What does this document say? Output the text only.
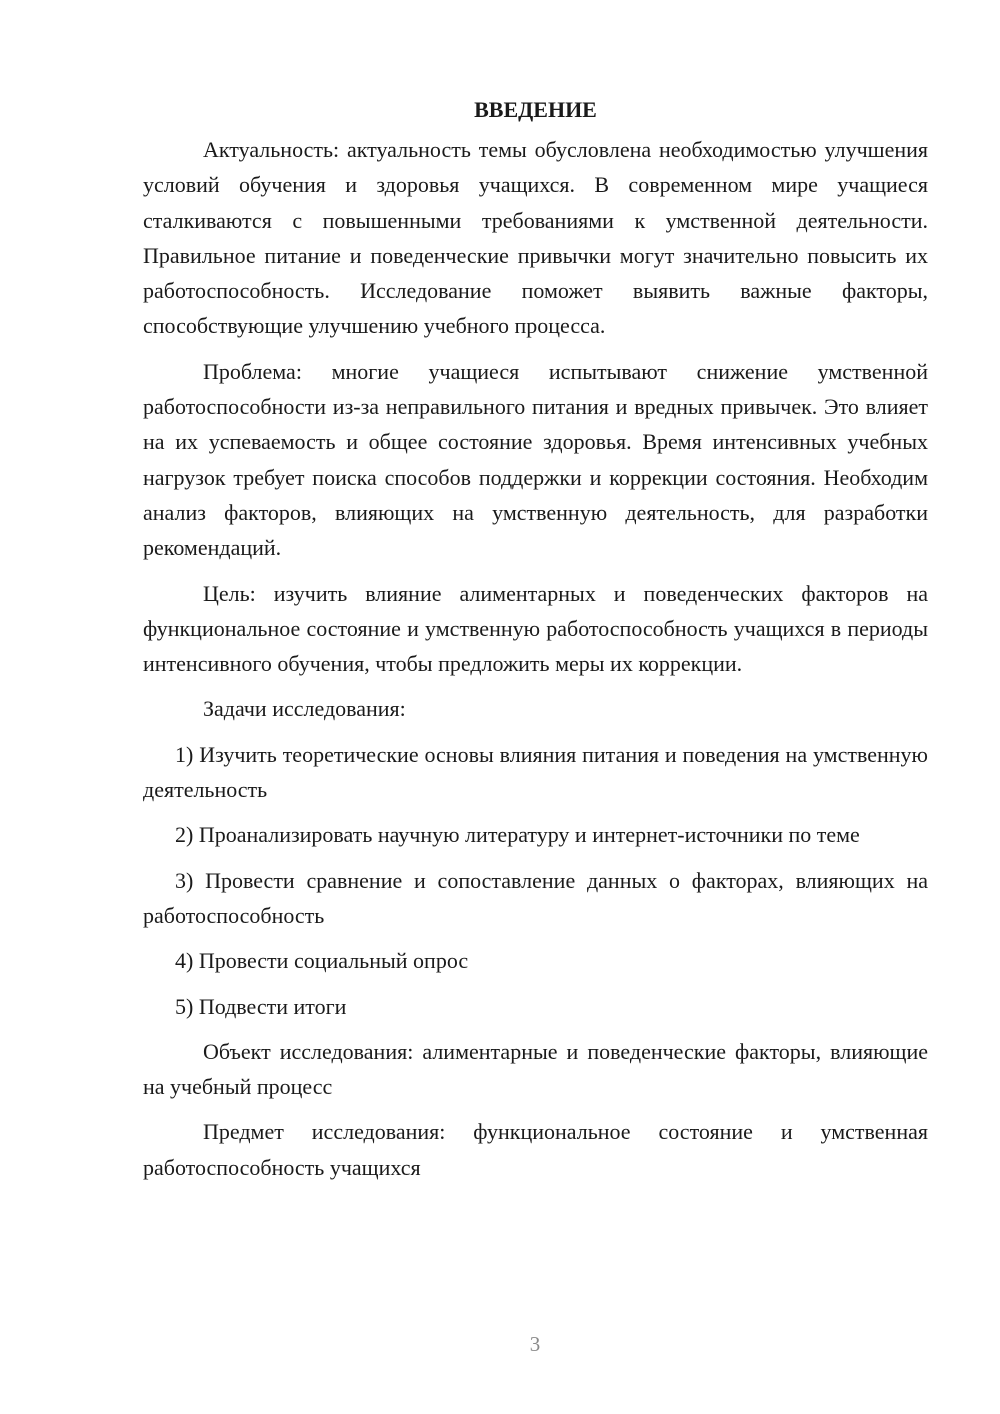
ВВЕДЕНИЕ

Актуальность: актуальность темы обусловлена необходимостью улучшения условий обучения и здоровья учащихся. В современном мире учащиеся сталкиваются с повышенными требованиями к умственной деятельности. Правильное питание и поведенческие привычки могут значительно повысить их работоспособность. Исследование поможет выявить важные факторы, способствующие улучшению учебного процесса.

Проблема: многие учащиеся испытывают снижение умственной работоспособности из-за неправильного питания и вредных привычек. Это влияет на их успеваемость и общее состояние здоровья. Время интенсивных учебных нагрузок требует поиска способов поддержки и коррекции состояния. Необходим анализ факторов, влияющих на умственную деятельность, для разработки рекомендаций.

Цель: изучить влияние алиментарных и поведенческих факторов на функциональное состояние и умственную работоспособность учащихся в периоды интенсивного обучения, чтобы предложить меры их коррекции.

Задачи исследования:

1) Изучить теоретические основы влияния питания и поведения на умственную деятельность

2) Проанализировать научную литературу и интернет-источники по теме

3) Провести сравнение и сопоставление данных о факторах, влияющих на работоспособность

4) Провести социальный опрос

5) Подвести итоги

Объект исследования: алиментарные и поведенческие факторы, влияющие на учебный процесс

Предмет исследования: функциональное состояние и умственная работоспособность учащихся

3
